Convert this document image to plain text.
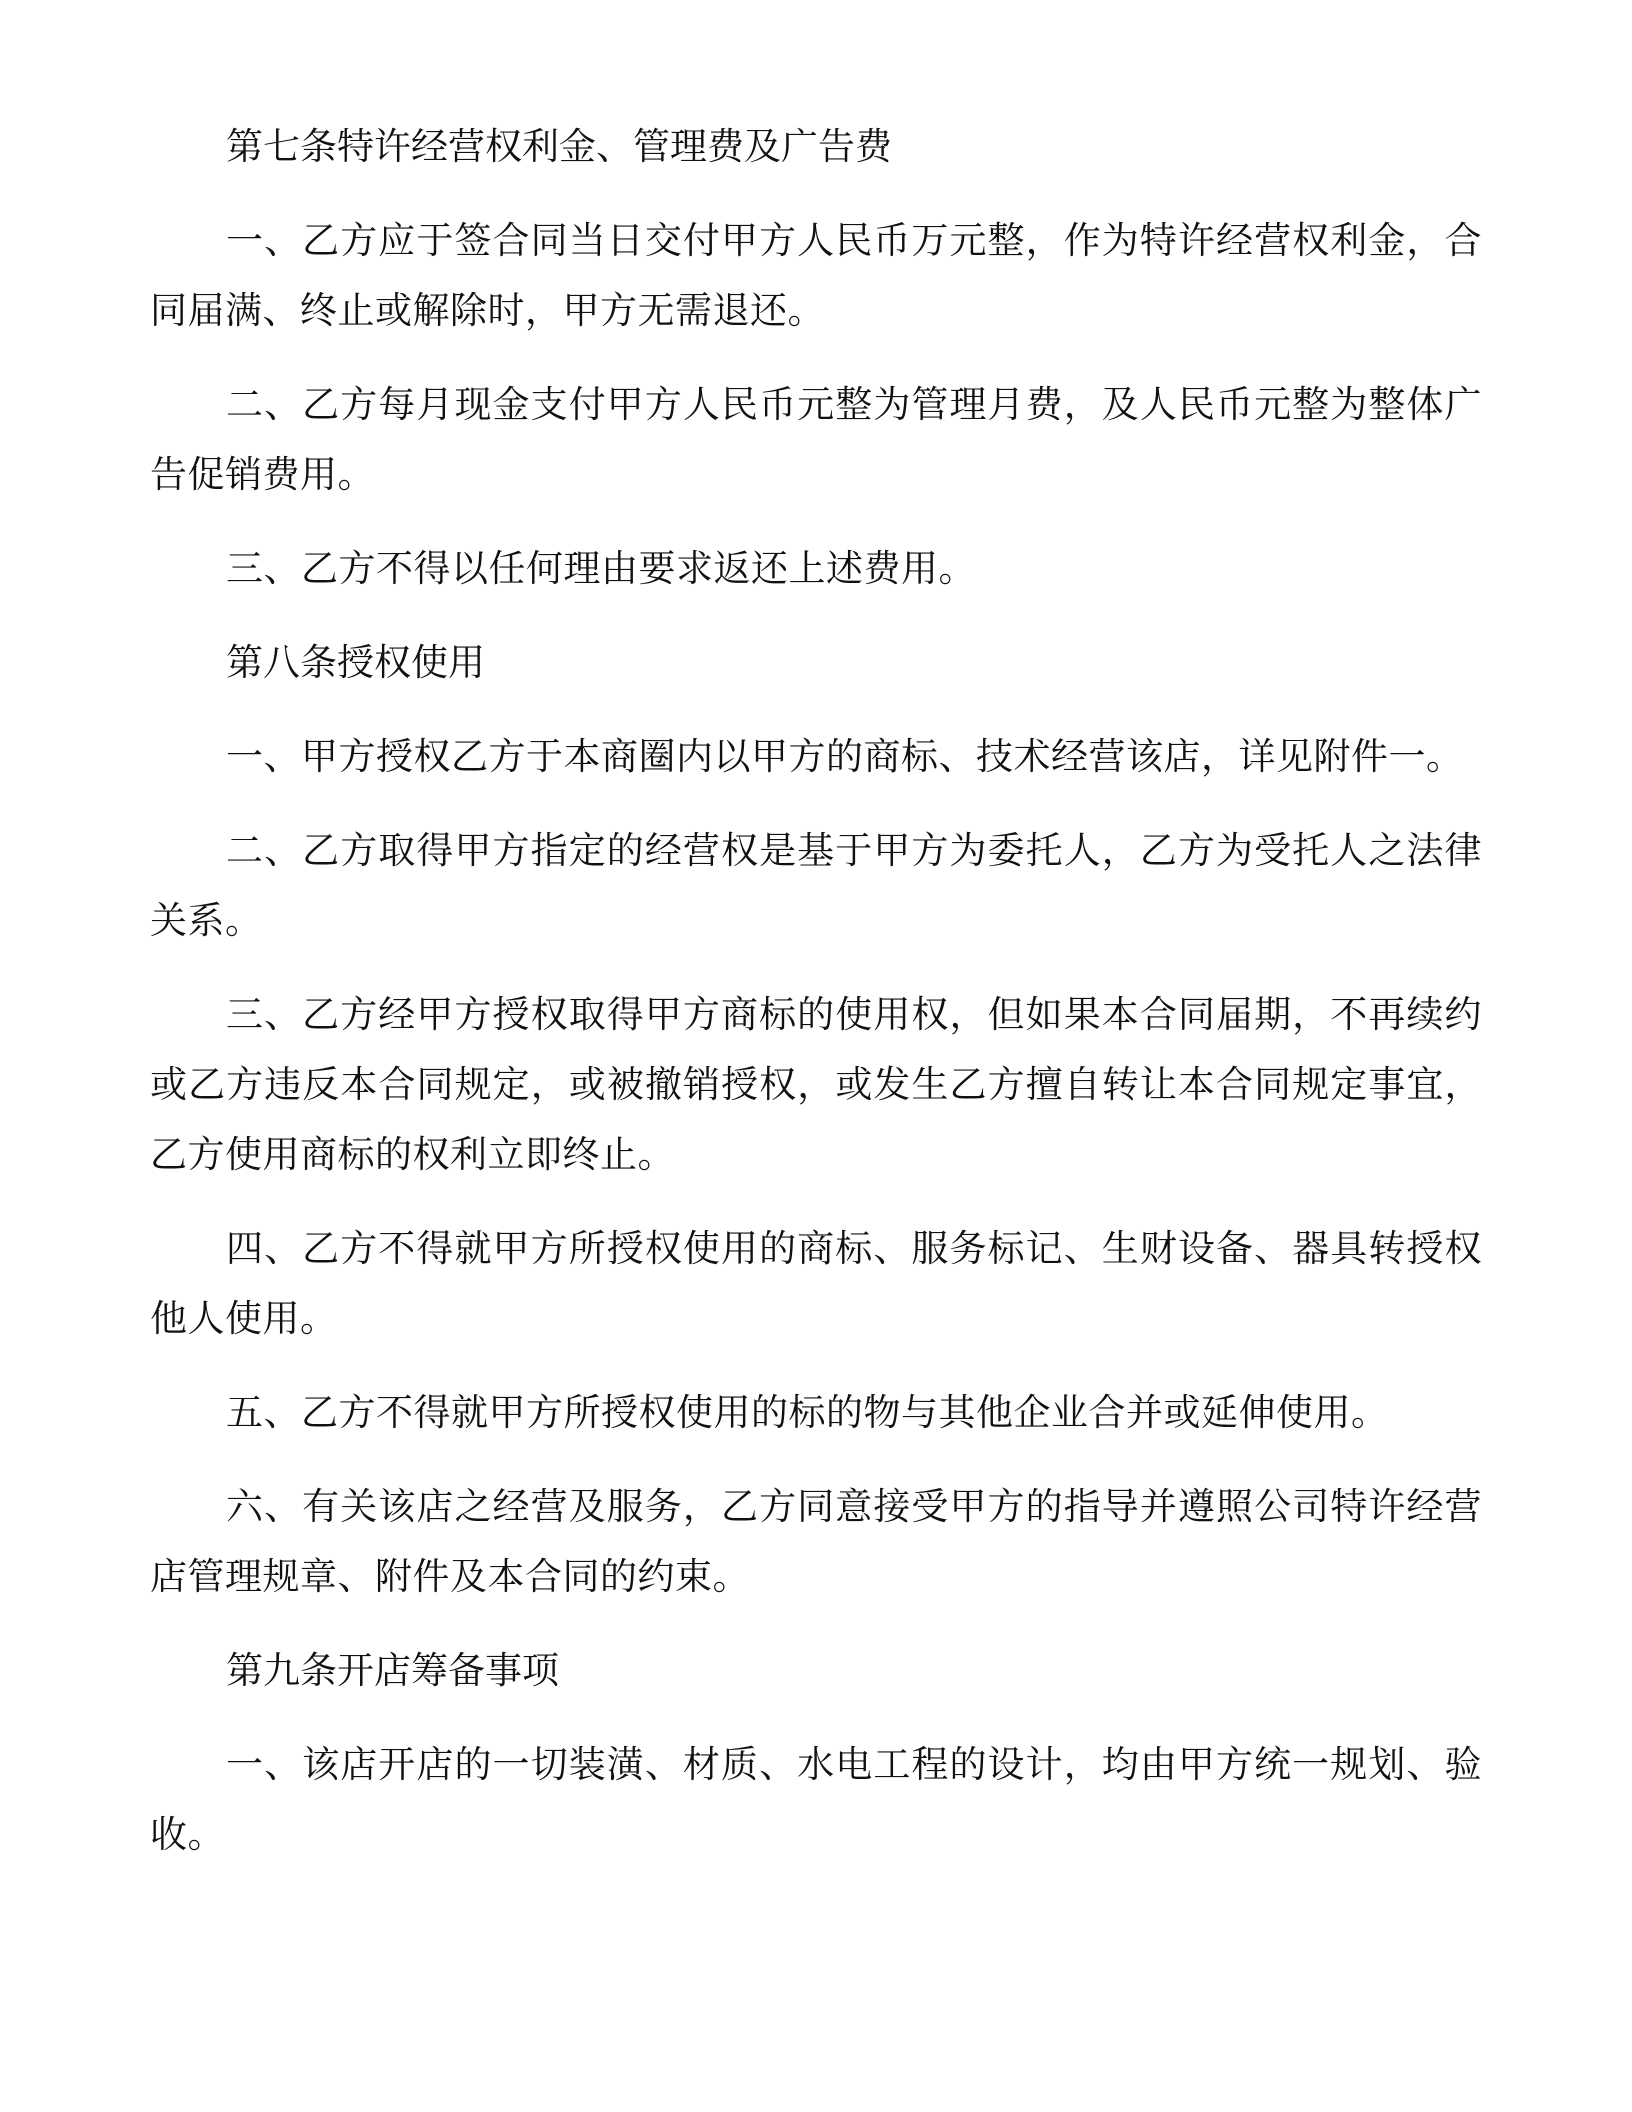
第七条特许经营权利金、管理费及广告费
一、乙方应于签合同当日交付甲方人民币万元整，作为特许经营权利金，合同届满、终止或解除时，甲方无需退还。
二、乙方每月现金支付甲方人民币元整为管理月费，及人民币元整为整体广告促销费用。
三、乙方不得以任何理由要求返还上述费用。
第八条授权使用
一、甲方授权乙方于本商圈内以甲方的商标、技术经营该店，详见附件一。
二、乙方取得甲方指定的经营权是基于甲方为委托人，乙方为受托人之法律关系。
三、乙方经甲方授权取得甲方商标的使用权，但如果本合同届期，不再续约或乙方违反本合同规定，或被撤销授权，或发生乙方擅自转让本合同规定事宜，乙方使用商标的权利立即终止。
四、乙方不得就甲方所授权使用的商标、服务标记、生财设备、器具转授权他人使用。
五、乙方不得就甲方所授权使用的标的物与其他企业合并或延伸使用。
六、有关该店之经营及服务，乙方同意接受甲方的指导并遵照公司特许经营店管理规章、附件及本合同的约束。
第九条开店筹备事项
一、该店开店的一切装潢、材质、水电工程的设计，均由甲方统一规划、验收。
